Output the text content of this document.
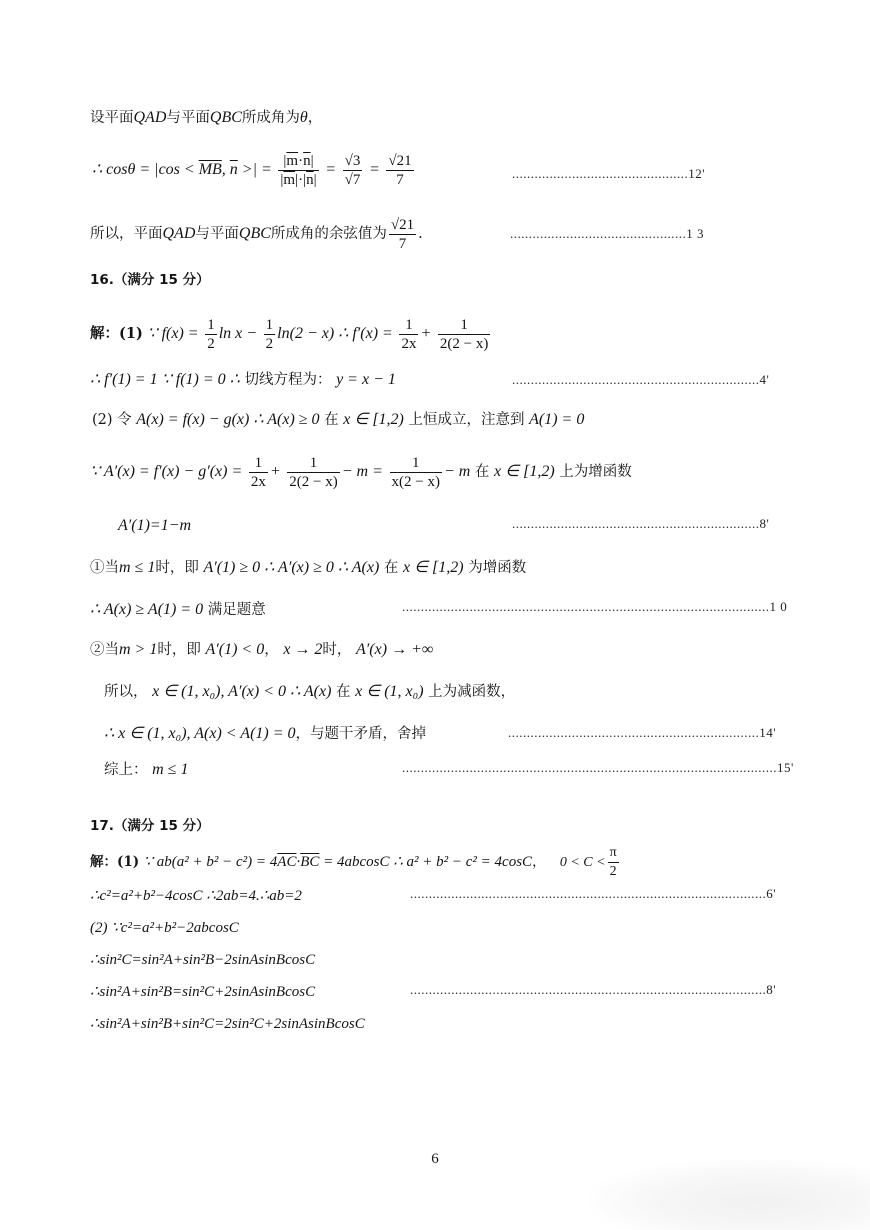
设平面QAD与平面QBC所成角为θ，
∴ $\cos\theta = |\cos < \overline{MB}$, $\overline{n}$ >| = $\frac{|\overline{m}\cdot\overline{n}|}{|\overline{m}|\cdot|\overline{n}|} = \frac{√3}{√7} = \frac{√21}{7}$	...............................................12'
所以，平面QAD与平面QBC所成角的余弦值为 $\frac{√21}{7}$ .	...............................................1 3
16.（满分 15 分）
解：(1) ∵ $f(x) = \frac{1}{2}$ $\ln x - \frac{1}{2} \ln(2 - x)$ ∴ $f'(x) = \frac{1}{2x} + \frac{1}{2(2 - x)}$
∴ f′(1) = 1 ∵ f(1) = 0 ∴ 切线方程为： y = x − 1	..................................................................4'
(2) 令 A(x) = f(x) − g(x) ∴ A(x) ≥ 0 在 x ∈ [1,2) 上恒成立，注意到 A(1) = 0
∵ $A'(x) = f'(x) - g'(x) = \frac{1}{2x} + \frac{1}{2(2 - x)} - m = \frac{1}{x(2 - x)} - m$ 在 x ∈ [1,2) 上为增函数
A′(1)=1−m	..................................................................8'
①当m ≤ 1时，即 A′(1) ≥ 0 ∴ A′(x) ≥ 0 ∴ A(x) 在 x ∈ [1,2) 为增函数
∴ A(x) ≥ A(1) = 0 满足题意	..................................................................................................1 0
②当m > 1时，即 A′(1) < 0， x → 2时， A′(x) → +∞
所以， x ∈ (1, x₀), A′(x) < 0 ∴ A(x) 在 x ∈ (1, x₀) 上为减函数，
∴ x ∈ (1, x₀), A(x) < A(1) = 0，与题干矛盾，舍掉	...................................................................14'
综上： m ≤ 1	....................................................................................................15'
17.（满分 15 分）
解：(1) ∵ $ab(a^2 + b^2 - c^2) = 4\overline{AC}\cdot\overline{BC} = 4abcosC$ ∴ a² + b² − c² = 4cosC， $0 < C < \frac{\pi}{2}$
∴c²=a²+b²−4cosC ∴2ab=4.∴ab=2	...............................................................................................6'
(2) ∵c²=a²+b²−2abcosC
∴sin²C=sin²A+sin²B−2sinAsinBcosC
∴sin²A+sin²B=sin²C+2sinAsinBcosC	...............................................................................................8'
∴sin²A+sin²B+sin²C=2sin²C+2sinAsinBcosC
6
